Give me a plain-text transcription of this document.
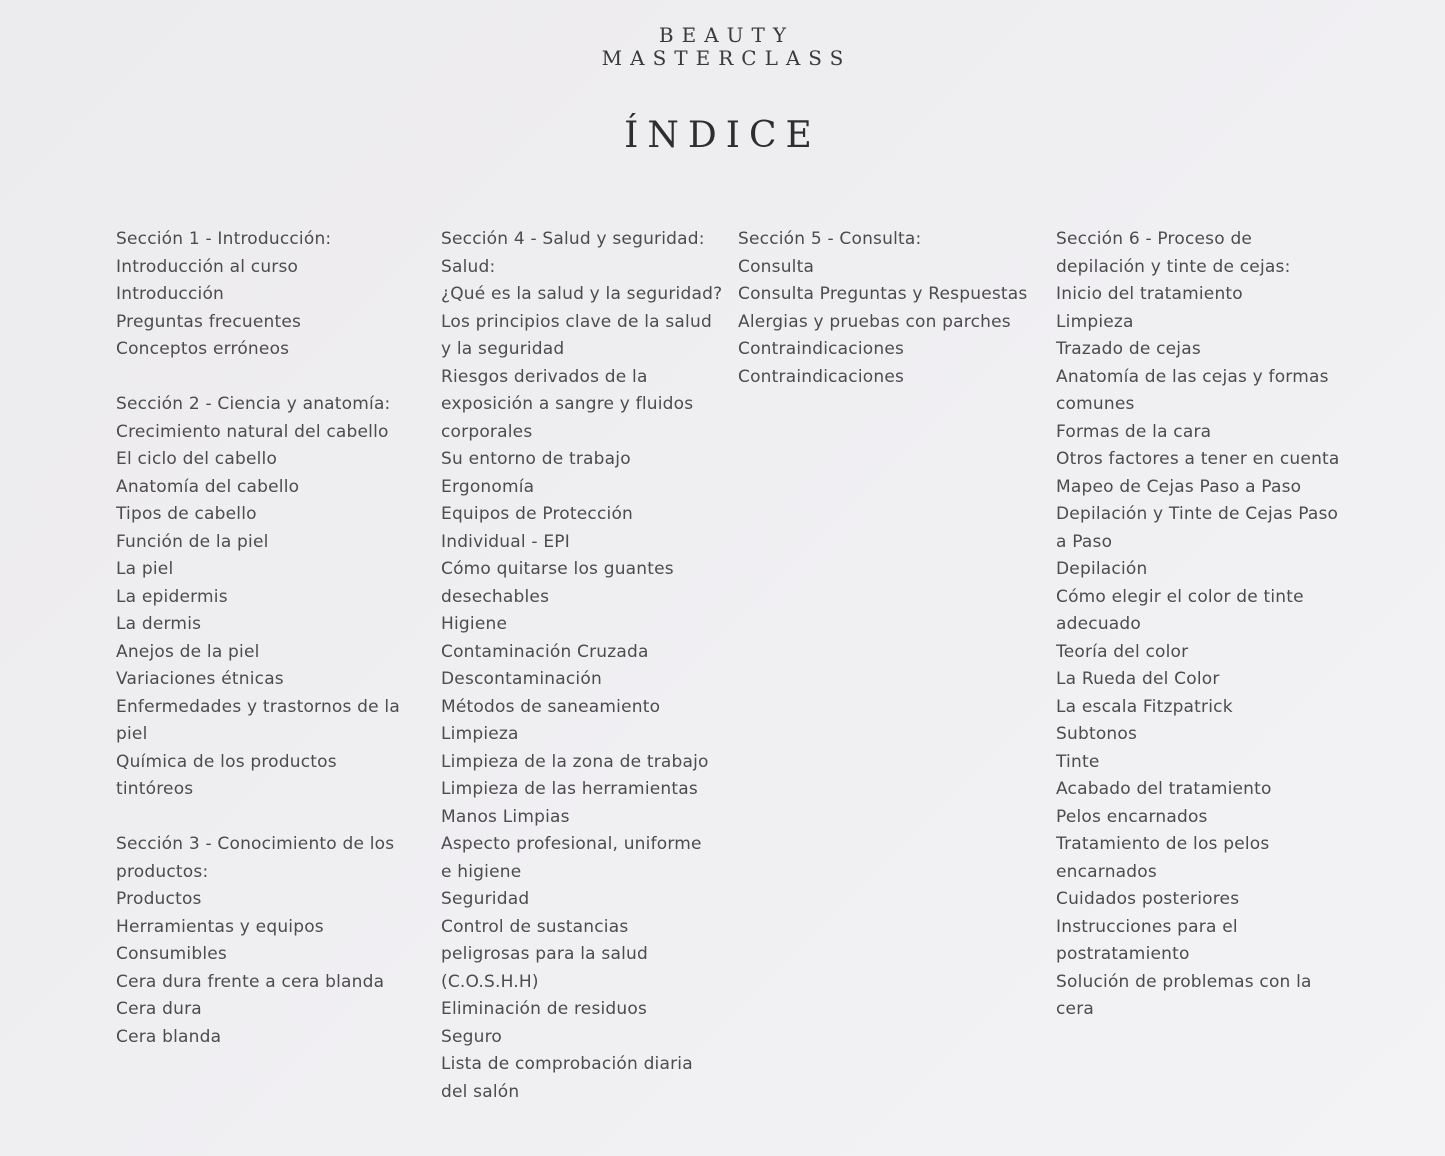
BEAUTY
MASTERCLASS
ÍNDICE
Sección 1 - Introducción:
Introducción al curso
Introducción
Preguntas frecuentes
Conceptos erróneos
Sección 2 - Ciencia y anatomía:
Crecimiento natural del cabello
El ciclo del cabello
Anatomía del cabello
Tipos de cabello
Función de la piel
La piel
La epidermis
La dermis
Anejos de la piel
Variaciones étnicas
Enfermedades y trastornos de la
piel
Química de los productos
tintóreos
Sección 3 - Conocimiento de los
productos:
Productos
Herramientas y equipos
Consumibles
Cera dura frente a cera blanda
Cera dura
Cera blanda
Sección 4 - Salud y seguridad:
Salud:
¿Qué es la salud y la seguridad?
Los principios clave de la salud
y la seguridad
Riesgos derivados de la
exposición a sangre y fluidos
corporales
Su entorno de trabajo
Ergonomía
Equipos de Protección
Individual - EPI
Cómo quitarse los guantes
desechables
Higiene
Contaminación Cruzada
Descontaminación
Métodos de saneamiento
Limpieza
Limpieza de la zona de trabajo
Limpieza de las herramientas
Manos Limpias
Aspecto profesional, uniforme
e higiene
Seguridad
Control de sustancias
peligrosas para la salud
(C.O.S.H.H)
Eliminación de residuos
Seguro
Lista de comprobación diaria
del salón
Sección 5 - Consulta:
Consulta
Consulta Preguntas y Respuestas
Alergias y pruebas con parches
Contraindicaciones
Contraindicaciones
Sección 6 - Proceso de
depilación y tinte de cejas:
Inicio del tratamiento
Limpieza
Trazado de cejas
Anatomía de las cejas y formas
comunes
Formas de la cara
Otros factores a tener en cuenta
Mapeo de Cejas Paso a Paso
Depilación y Tinte de Cejas Paso
a Paso
Depilación
Cómo elegir el color de tinte
adecuado
Teoría del color
La Rueda del Color
La escala Fitzpatrick
Subtonos
Tinte
Acabado del tratamiento
Pelos encarnados
Tratamiento de los pelos
encarnados
Cuidados posteriores
Instrucciones para el
postratamiento
Solución de problemas con la
cera
